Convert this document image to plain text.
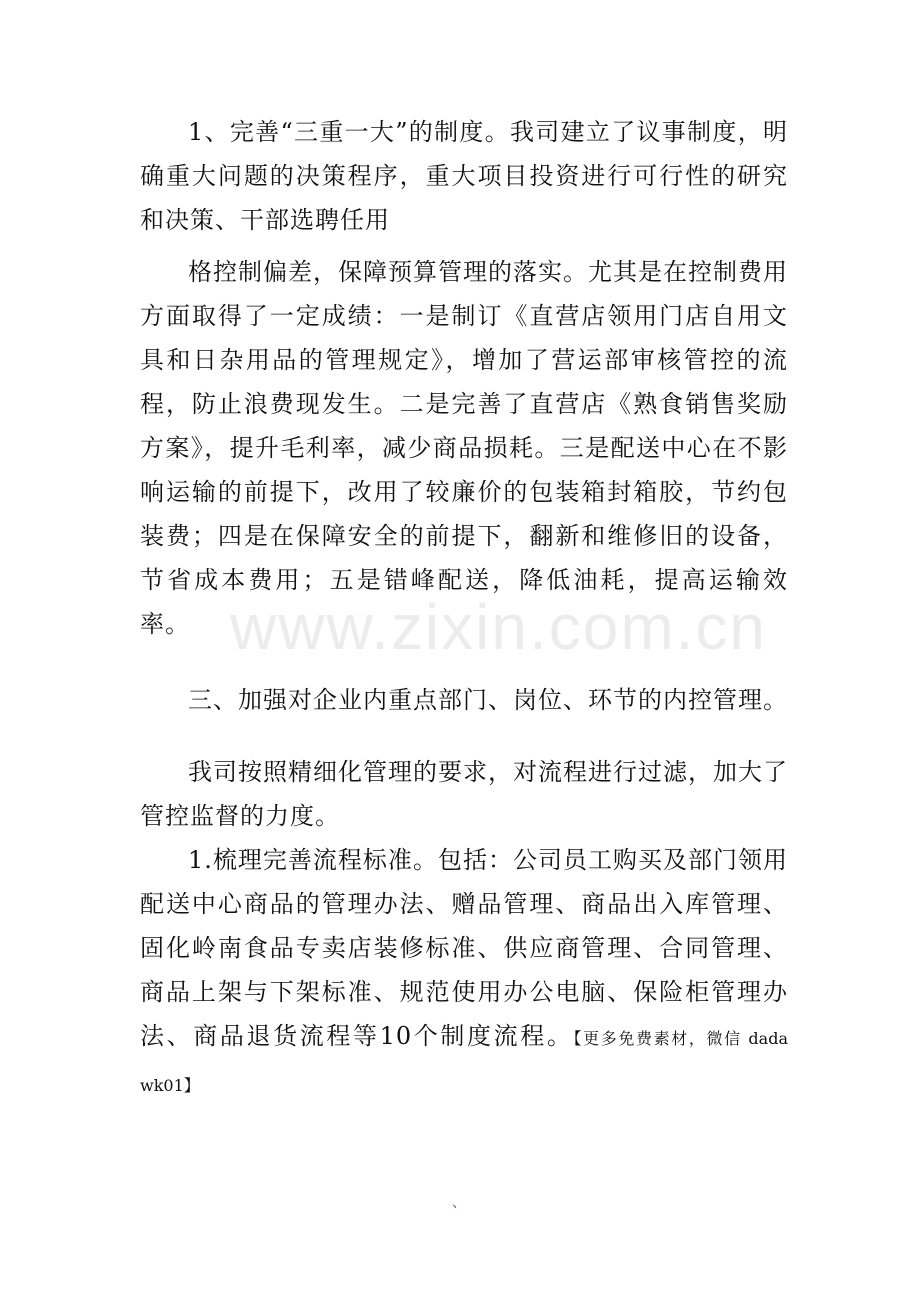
1、完善“三重一大”的制度。我司建立了议事制度，明确重大问题的决策程序，重大项目投资进行可行性的研究和决策、干部选聘任用

格控制偏差，保障预算管理的落实。尤其是在控制费用方面取得了一定成绩：一是制订《直营店领用门店自用文具和日杂用品的管理规定》，增加了营运部审核管控的流程，防止浪费现发生。二是完善了直营店《熟食销售奖励方案》，提升毛利率，减少商品损耗。三是配送中心在不影响运输的前提下，改用了较廉价的包装箱封箱胶，节约包装费；四是在保障安全的前提下，翻新和维修旧的设备，节省成本费用；五是错峰配送，降低油耗，提高运输效率。

三、加强对企业内重点部门、岗位、环节的内控管理。

我司按照精细化管理的要求，对流程进行过滤，加大了管控监督的力度。

1.梳理完善流程标准。包括：公司员工购买及部门领用配送中心商品的管理办法、赠品管理、商品出入库管理、固化岭南食品专卖店装修标准、供应商管理、合同管理、商品上架与下架标准、规范使用办公电脑、保险柜管理办法、商品退货流程等10个制度流程。【更多免费素材，微信 dada wk01】

www.zixin.com.cn
、
